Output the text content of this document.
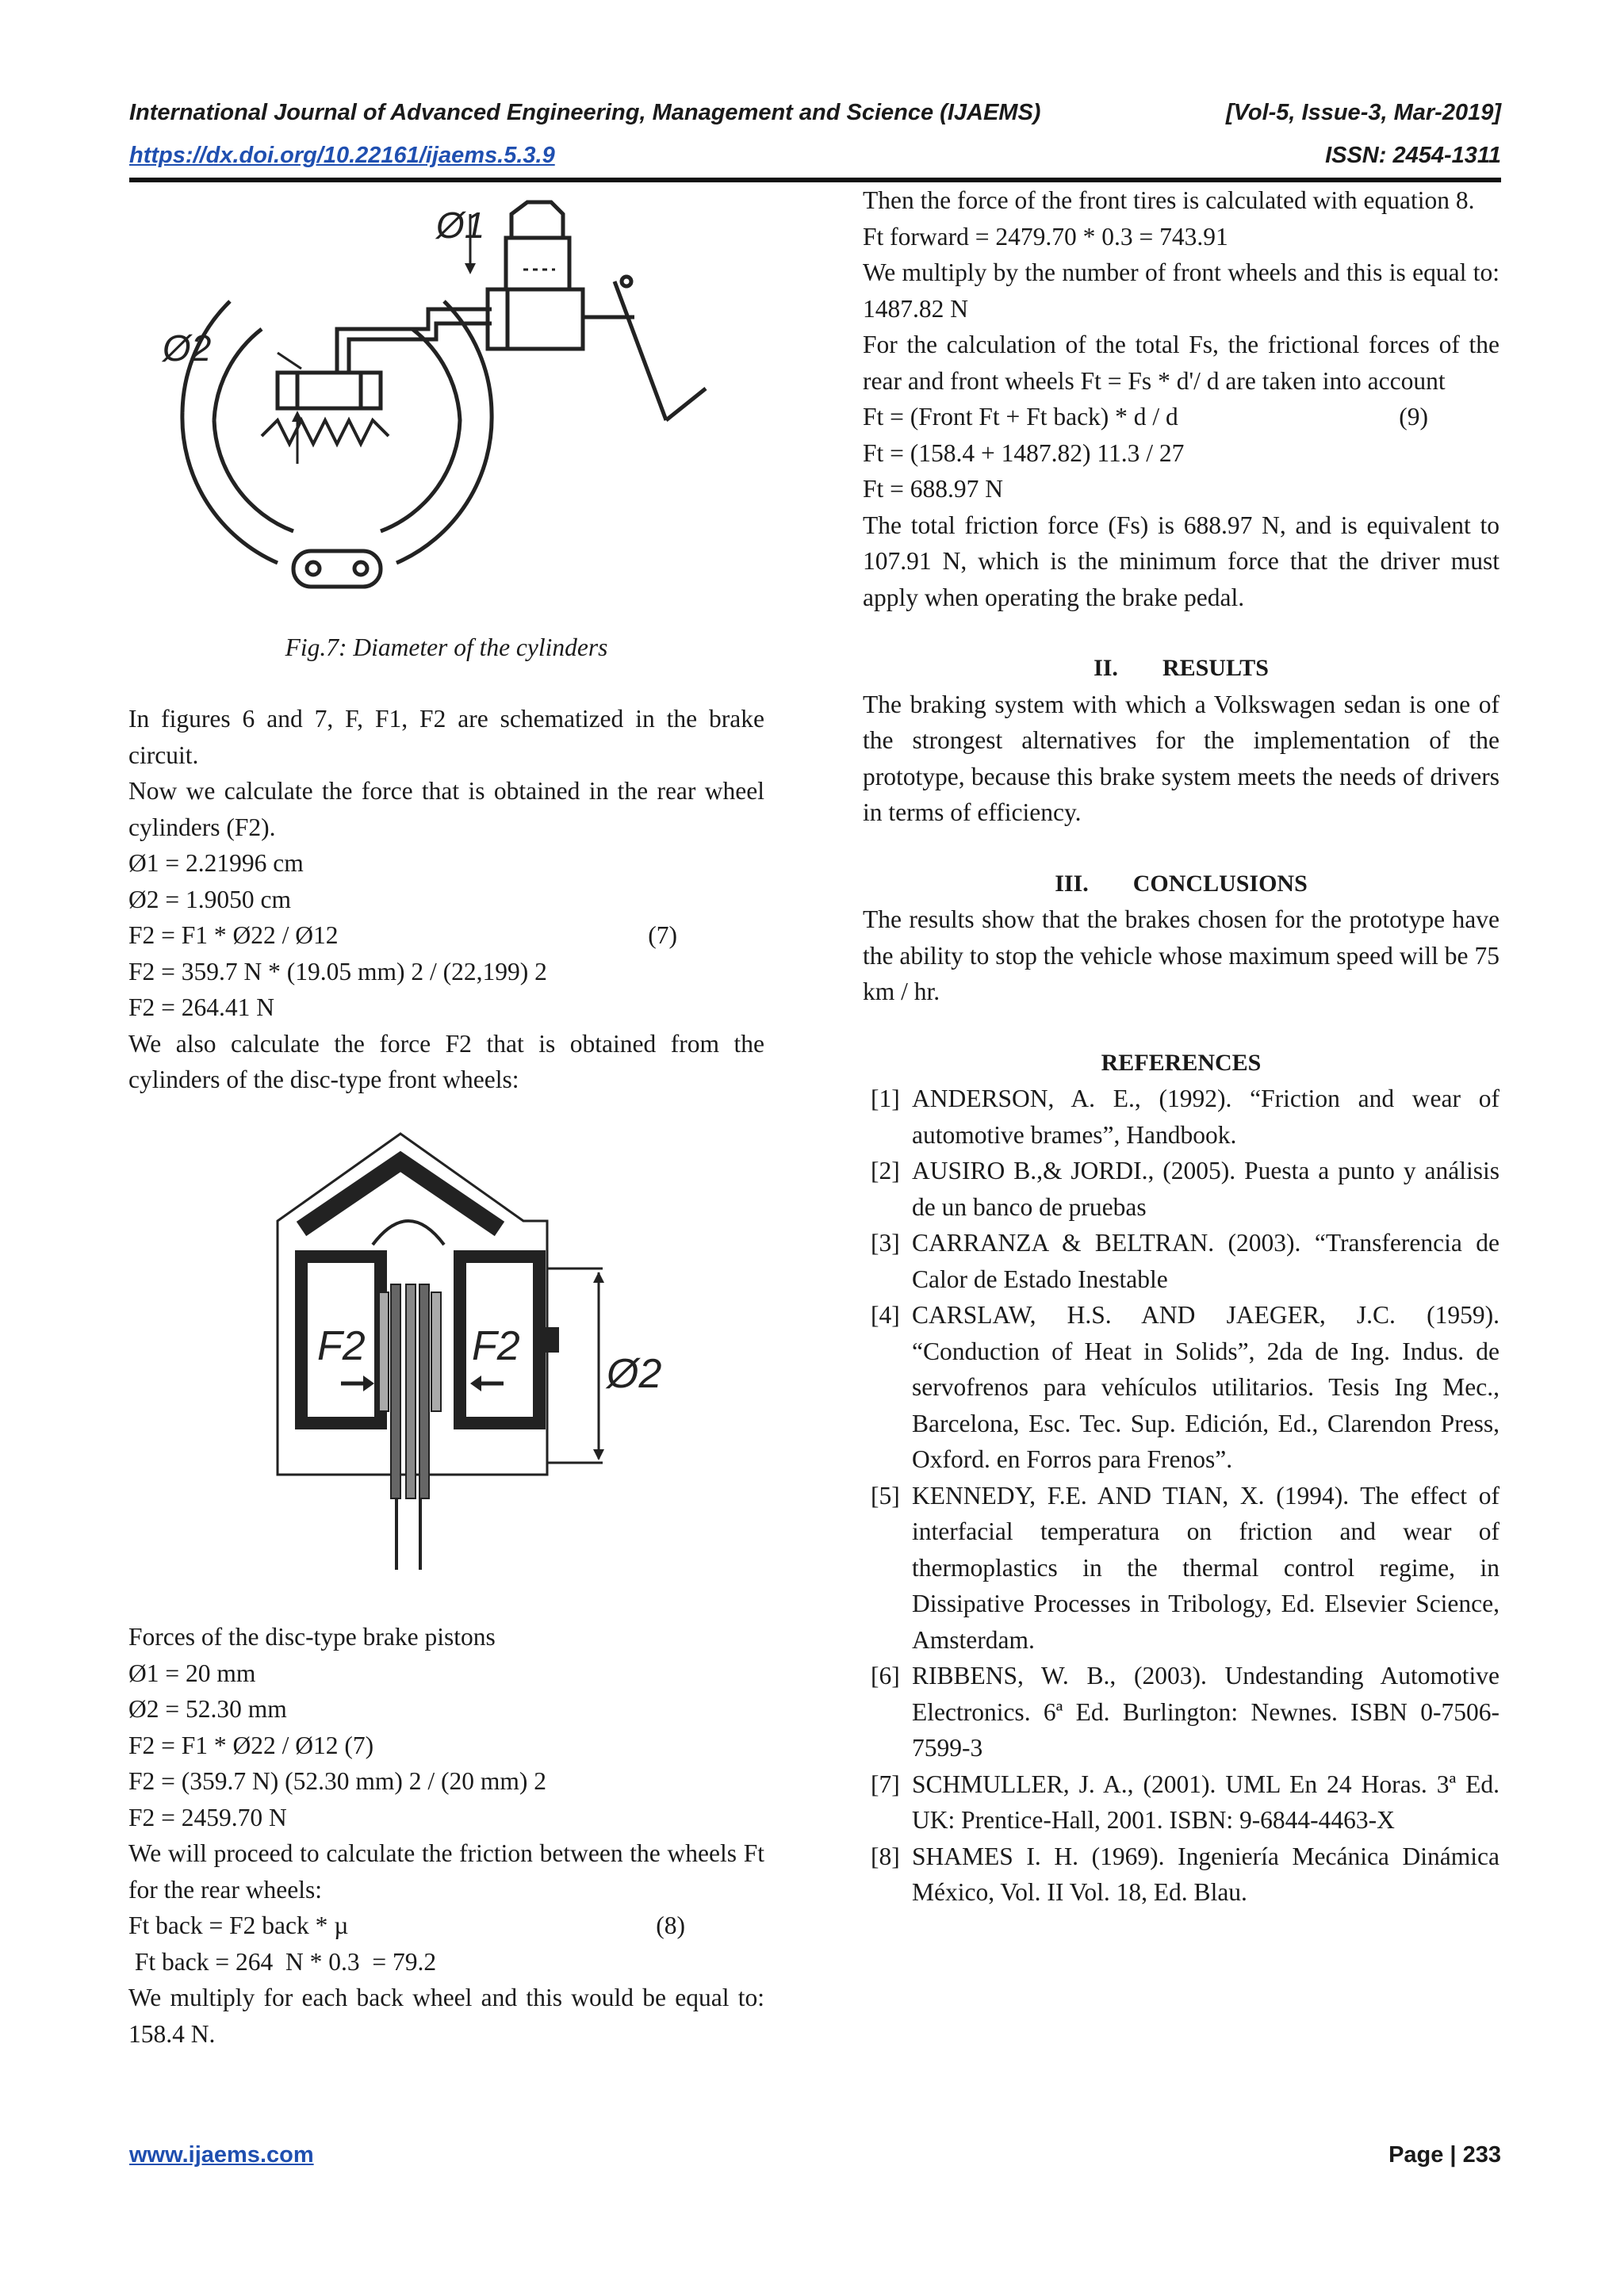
International Journal of Advanced Engineering, Management and Science (IJAEMS)	[Vol-5, Issue-3, Mar-2019]
https://dx.doi.org/10.22161/ijaems.5.3.9	ISSN: 2454-1311
Ø1
Ø2
F2	F2
Ø2

Fig.7: Diameter of the cylinders

In figures 6 and 7, F, F1, F2 are schematized in the brake circuit.

Now we calculate the force that is obtained in the rear wheel cylinders (F2).

Ø1 = 2.21996 cm

Ø2 = 1.9050 cm

F2 = F1 * Ø22 / Ø12	(7)

F2 = 359.7 N * (19.05 mm) 2 / (22,199) 2

F2 = 264.41 N

We also calculate the force F2 that is obtained from the cylinders of the disc-type front wheels:

Forces of the disc-type brake pistons

Ø1 = 20 mm

Ø2 = 52.30 mm

F2 = F1 * Ø22 / Ø12 (7)

F2 = (359.7 N) (52.30 mm) 2 / (20 mm) 2

F2 = 2459.70 N

We will proceed to calculate the friction between the wheels Ft for the rear wheels:

Ft back = F2 back * µ	(8)

Ft back = 264  N * 0.3  = 79.2

We multiply for each back wheel and this would be equal to: 158.4 N.

Then the force of the front tires is calculated with equation 8.

Ft forward = 2479.70 * 0.3 = 743.91

We multiply by the number of front wheels and this is equal to: 1487.82 N

For the calculation of the total Fs, the frictional forces of the rear and front wheels Ft = Fs * d'/ d are taken into account

Ft = (Front Ft + Ft back) * d / d	(9)

Ft = (158.4 + 1487.82) 11.3 / 27

Ft = 688.97 N

The total friction force (Fs) is 688.97 N, and is equivalent to 107.91 N, which is the minimum force that the driver must apply when operating the brake pedal.

II. RESULTS

The braking system with which a Volkswagen sedan is one of the strongest alternatives for the implementation of the prototype, because this brake system meets the needs of drivers in terms of efficiency.

III. CONCLUSIONS

The results show that the brakes chosen for the prototype have the ability to stop the vehicle whose maximum speed will be 75 km / hr.

REFERENCES

[1] ANDERSON, A. E., (1992). “Friction and wear of automotive brames”, Handbook.
[2] AUSIRO B.,& JORDI., (2005). Puesta a punto y análisis de un banco de pruebas
[3] CARRANZA & BELTRAN. (2003). “Transferencia de Calor de Estado Inestable
[4] CARSLAW, H.S. AND JAEGER, J.C. (1959). “Conduction of Heat in Solids”, 2da de Ing. Indus. de servofrenos para vehículos utilitarios. Tesis Ing Mec., Barcelona, Esc. Tec. Sup. Edición, Ed., Clarendon Press, Oxford. en Forros para Frenos”.
[5] KENNEDY, F.E. AND TIAN, X. (1994). The effect of interfacial temperatura on friction and wear of thermoplastics in the thermal control regime, in Dissipative Processes in Tribology, Ed. Elsevier Science, Amsterdam.
[6] RIBBENS, W. B., (2003). Undestanding Automotive Electronics. 6ª Ed. Burlington: Newnes. ISBN 0-7506-7599-3
[7] SCHMULLER, J. A., (2001). UML En 24 Horas. 3ª Ed. UK: Prentice-Hall, 2001. ISBN: 9-6844-4463-X
[8] SHAMES I. H. (1969). Ingeniería Mecánica Dinámica México, Vol. II Vol. 18, Ed. Blau.
www.ijaems.com	Page | 233
